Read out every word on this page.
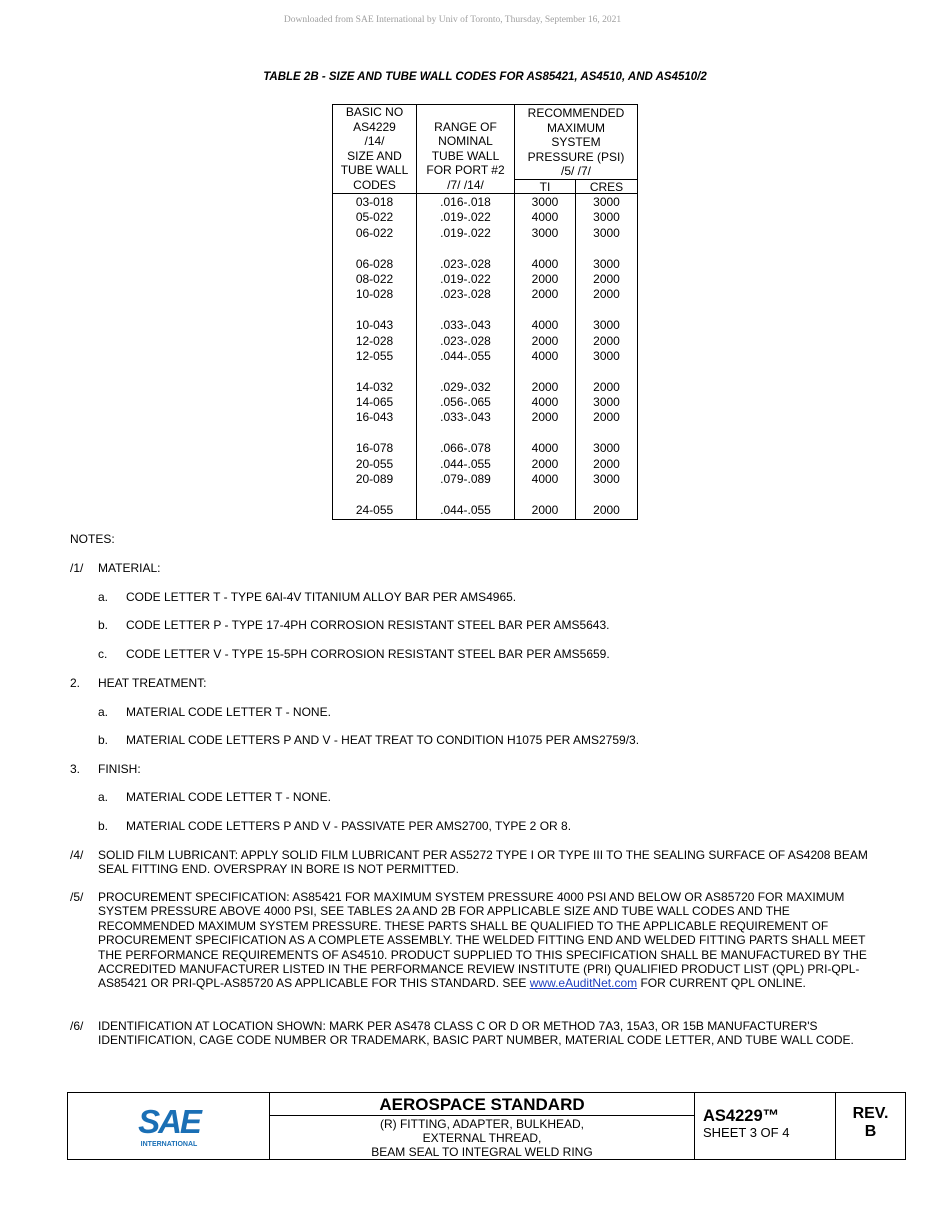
Downloaded from SAE International by Univ of Toronto, Thursday, September 16, 2021
TABLE 2B - SIZE AND TUBE WALL CODES FOR AS85421, AS4510, AND AS4510/2
BASIC NO
AS4229
/14/
SIZE AND
TUBE WALL
CODES
RANGE OF
NOMINAL
TUBE WALL
FOR PORT #2
/7/ /14/
RECOMMENDED
MAXIMUM
SYSTEM
PRESSURE (PSI)
/5/ /7/
TI	CRES
03-018
05-022
06-022
06-028
08-022
10-028
10-043
12-028
12-055
14-032
14-065
16-043
16-078
20-055
20-089
24-055
.016-.018
.019-.022
.019-.022
.023-.028
.019-.022
.023-.028
.033-.043
.023-.028
.044-.055
.029-.032
.056-.065
.033-.043
.066-.078
.044-.055
.079-.089
.044-.055
3000
4000
3000
4000
2000
2000
4000
2000
4000
2000
4000
2000
4000
2000
4000
2000
3000
3000
3000
3000
2000
2000
3000
2000
3000
2000
3000
2000
3000
2000
3000
2000
NOTES:
/1/ MATERIAL:
a. CODE LETTER T - TYPE 6Al-4V TITANIUM ALLOY BAR PER AMS4965.
b. CODE LETTER P - TYPE 17-4PH CORROSION RESISTANT STEEL BAR PER AMS5643.
c. CODE LETTER V - TYPE 15-5PH CORROSION RESISTANT STEEL BAR PER AMS5659.
2. HEAT TREATMENT:
a. MATERIAL CODE LETTER T - NONE.
b. MATERIAL CODE LETTERS P AND V - HEAT TREAT TO CONDITION H1075 PER AMS2759/3.
3. FINISH:
a. MATERIAL CODE LETTER T - NONE.
b. MATERIAL CODE LETTERS P AND V - PASSIVATE PER AMS2700, TYPE 2 OR 8.
/4/ SOLID FILM LUBRICANT: APPLY SOLID FILM LUBRICANT PER AS5272 TYPE I OR TYPE III TO THE SEALING SURFACE OF AS4208 BEAM SEAL FITTING END. OVERSPRAY IN BORE IS NOT PERMITTED.
/5/ PROCUREMENT SPECIFICATION: AS85421 FOR MAXIMUM SYSTEM PRESSURE 4000 PSI AND BELOW OR AS85720 FOR MAXIMUM SYSTEM PRESSURE ABOVE 4000 PSI, SEE TABLES 2A AND 2B FOR APPLICABLE SIZE AND TUBE WALL CODES AND THE RECOMMENDED MAXIMUM SYSTEM PRESSURE. THESE PARTS SHALL BE QUALIFIED TO THE APPLICABLE REQUIREMENT OF PROCUREMENT SPECIFICATION AS A COMPLETE ASSEMBLY. THE WELDED FITTING END AND WELDED FITTING PARTS SHALL MEET THE PERFORMANCE REQUIREMENTS OF AS4510. PRODUCT SUPPLIED TO THIS SPECIFICATION SHALL BE MANUFACTURED BY THE ACCREDITED MANUFACTURER LISTED IN THE PERFORMANCE REVIEW INSTITUTE (PRI) QUALIFIED PRODUCT LIST (QPL) PRI-QPL-AS85421 OR PRI-QPL-AS85720 AS APPLICABLE FOR THIS STANDARD. SEE www.eAuditNet.com FOR CURRENT QPL ONLINE.
/6/ IDENTIFICATION AT LOCATION SHOWN: MARK PER AS478 CLASS C OR D OR METHOD 7A3, 15A3, OR 15B MANUFACTURER'S IDENTIFICATION, CAGE CODE NUMBER OR TRADEMARK, BASIC PART NUMBER, MATERIAL CODE LETTER, AND TUBE WALL CODE.
SAE
INTERNATIONAL
AEROSPACE STANDARD
(R) FITTING, ADAPTER, BULKHEAD,
EXTERNAL THREAD,
BEAM SEAL TO INTEGRAL WELD RING
AS4229™
SHEET 3 OF 4
REV.
B
